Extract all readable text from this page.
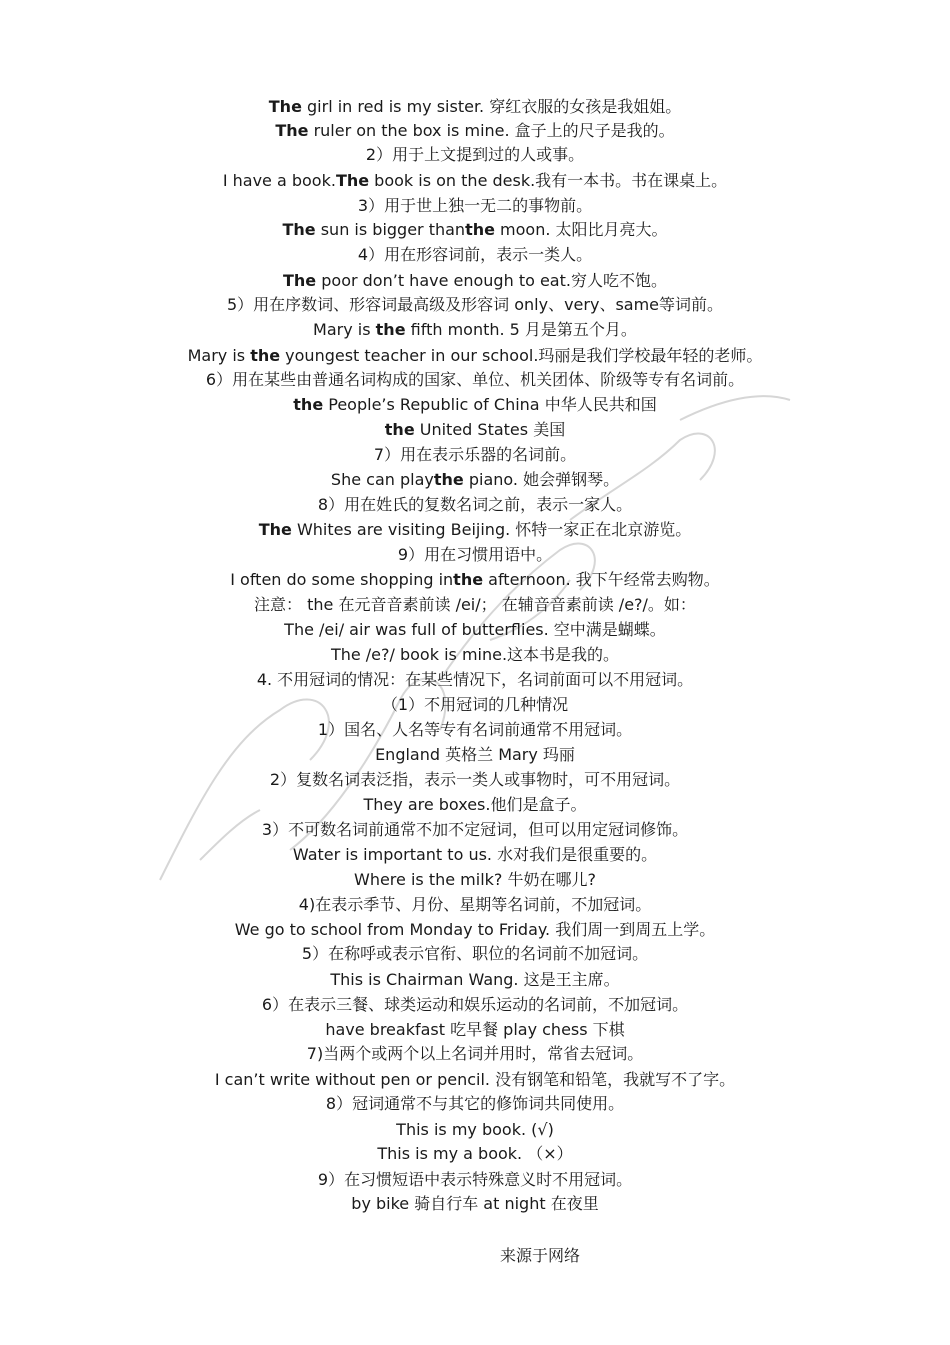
The girl in red is my sister. 穿红衣服的女孩是我姐姐。
The ruler on the box is mine. 盒子上的尺子是我的。
2）用于上文提到过的人或事。
I have a book.The book is on the desk.我有一本书。书在课桌上。
3）用于世上独一无二的事物前。
The sun is bigger thanthe moon. 太阳比月亮大。
4）用在形容词前，表示一类人。
The poor don’t have enough to eat.穷人吃不饱。
5）用在序数词、形容词最高级及形容词 only、very、same等词前。
Mary is the fifth month. 5 月是第五个月。
Mary is the youngest teacher in our school.玛丽是我们学校最年轻的老师。
6）用在某些由普通名词构成的国家、单位、机关团体、阶级等专有名词前。
the People’s Republic of China 中华人民共和国
the United States 美国
7）用在表示乐器的名词前。
She can playthe piano. 她会弹钢琴。
8）用在姓氏的复数名词之前，表示一家人。
The Whites are visiting Beijing. 怀特一家正在北京游览。
9）用在习惯用语中。
I often do some shopping inthe afternoon. 我下午经常去购物。
注意： the 在元音音素前读 /ei/； 在辅音音素前读 /e?/。如：
The /ei/ air was full of butterflies. 空中满是蝴蝶。
The /e?/ book is mine.这本书是我的。
4. 不用冠词的情况：在某些情况下，名词前面可以不用冠词。
（1）不用冠词的几种情况
1）国名、人名等专有名词前通常不用冠词。
England 英格兰 Mary 玛丽
2）复数名词表泛指，表示一类人或事物时，可不用冠词。
They are boxes.他们是盒子。
3）不可数名词前通常不加不定冠词，但可以用定冠词修饰。
Water is important to us. 水对我们是很重要的。
Where is the milk? 牛奶在哪儿?
4)在表示季节、月份、星期等名词前，不加冠词。
We go to school from Monday to Friday. 我们周一到周五上学。
5）在称呼或表示官衔、职位的名词前不加冠词。
This is Chairman Wang. 这是王主席。
6）在表示三餐、球类运动和娱乐运动的名词前，不加冠词。
have breakfast 吃早餐 play chess 下棋
7)当两个或两个以上名词并用时，常省去冠词。
I can’t write without pen or pencil. 没有钢笔和铅笔，我就写不了字。
8）冠词通常不与其它的修饰词共同使用。
This is my book. (√)
This is my a book. （×）
9）在习惯短语中表示特殊意义时不用冠词。
by bike 骑自行车 at night 在夜里
来源于网络
